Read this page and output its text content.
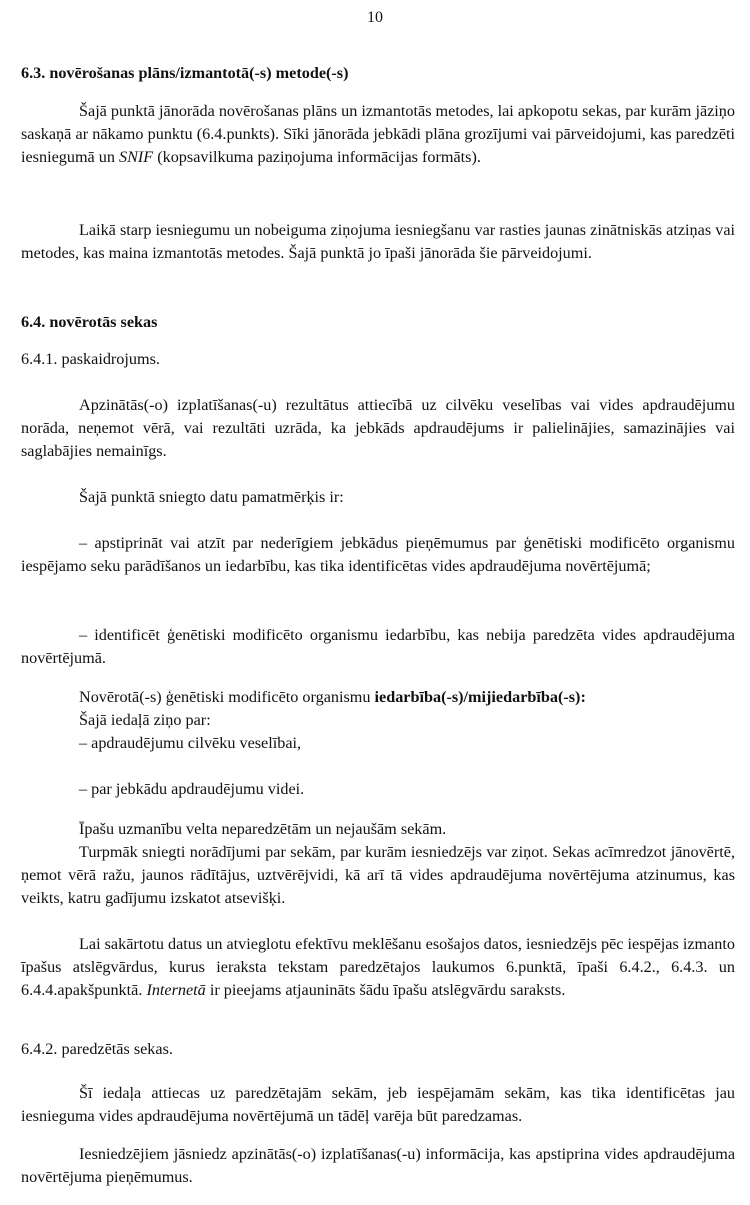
10
6.3. novērošanas plāns/izmantotā(-s) metode(-s)

Šajā punktā jānorāda novērošanas plāns un izmantotās metodes, lai apkopotu sekas, par kurām jāziņo saskaņā ar nākamo punktu (6.4.punkts). Sīki jānorāda jebkādi plāna grozījumi vai pārveidojumi, kas paredzēti iesniegumā un SNIF (kopsavilkuma paziņojuma informācijas formāts).

Laikā starp iesniegumu un nobeiguma ziņojuma iesniegšanu var rasties jaunas zinātniskās atziņas vai metodes, kas maina izmantotās metodes. Šajā punktā jo īpaši jānorāda šie pārveidojumi.

6.4. novērotās sekas
6.4.1. paskaidrojums.

Apzinātās(-o) izplatīšanas(-u) rezultātus attiecībā uz cilvēku veselības vai vides apdraudējumu norāda, neņemot vērā, vai rezultāti uzrāda, ka jebkāds apdraudējums ir palielinājies, samazinājies vai saglabājies nemainīgs.

Šajā punktā sniegto datu pamatmērķis ir:

– apstiprināt vai atzīt par nederīgiem jebkādus pieņēmumus par ģenētiski modificēto organismu iespējamo seku parādīšanos un iedarbību, kas tika identificētas vides apdraudējuma novērtējumā;

– identificēt ģenētiski modificēto organismu iedarbību, kas nebija paredzēta vides apdraudējuma novērtējumā.

Novērotā(-s) ģenētiski modificēto organismu iedarbība(-s)/mijiedarbība(-s):
Šajā iedaļā ziņo par:
– apdraudējumu cilvēku veselībai,
– par jebkādu apdraudējumu videi.
Īpašu uzmanību velta neparedzētām un nejaušām sekām.

Turpmāk sniegti norādījumi par sekām, par kurām iesniedzējs var ziņot. Sekas acīmredzot jānovērtē, ņemot vērā ražu, jaunos rādītājus, uztvērējvidi, kā arī tā vides apdraudējuma novērtējuma atzinumus, kas veikts, katru gadījumu izskatot atsevišķi.

Lai sakārtotu datus un atvieglotu efektīvu meklēšanu esošajos datos, iesniedzējs pēc iespējas izmanto īpašus atslēgvārdus, kurus ieraksta tekstam paredzētajos laukumos 6.punktā, īpaši 6.4.2., 6.4.3. un 6.4.4.apakšpunktā. Internetā ir pieejams atjaunināts šādu īpašu atslēgvārdu saraksts.

6.4.2. paredzētās sekas.

Šī iedaļa attiecas uz paredzētajām sekām, jeb iespējamām sekām, kas tika identificētas jau iesnieguma vides apdraudējuma novērtējumā un tādēļ varēja būt paredzamas.

Iesniedzējiem jāsniedz apzinātās(-o) izplatīšanas(-u) informācija, kas apstiprina vides apdraudējuma novērtējuma pieņēmumus.
